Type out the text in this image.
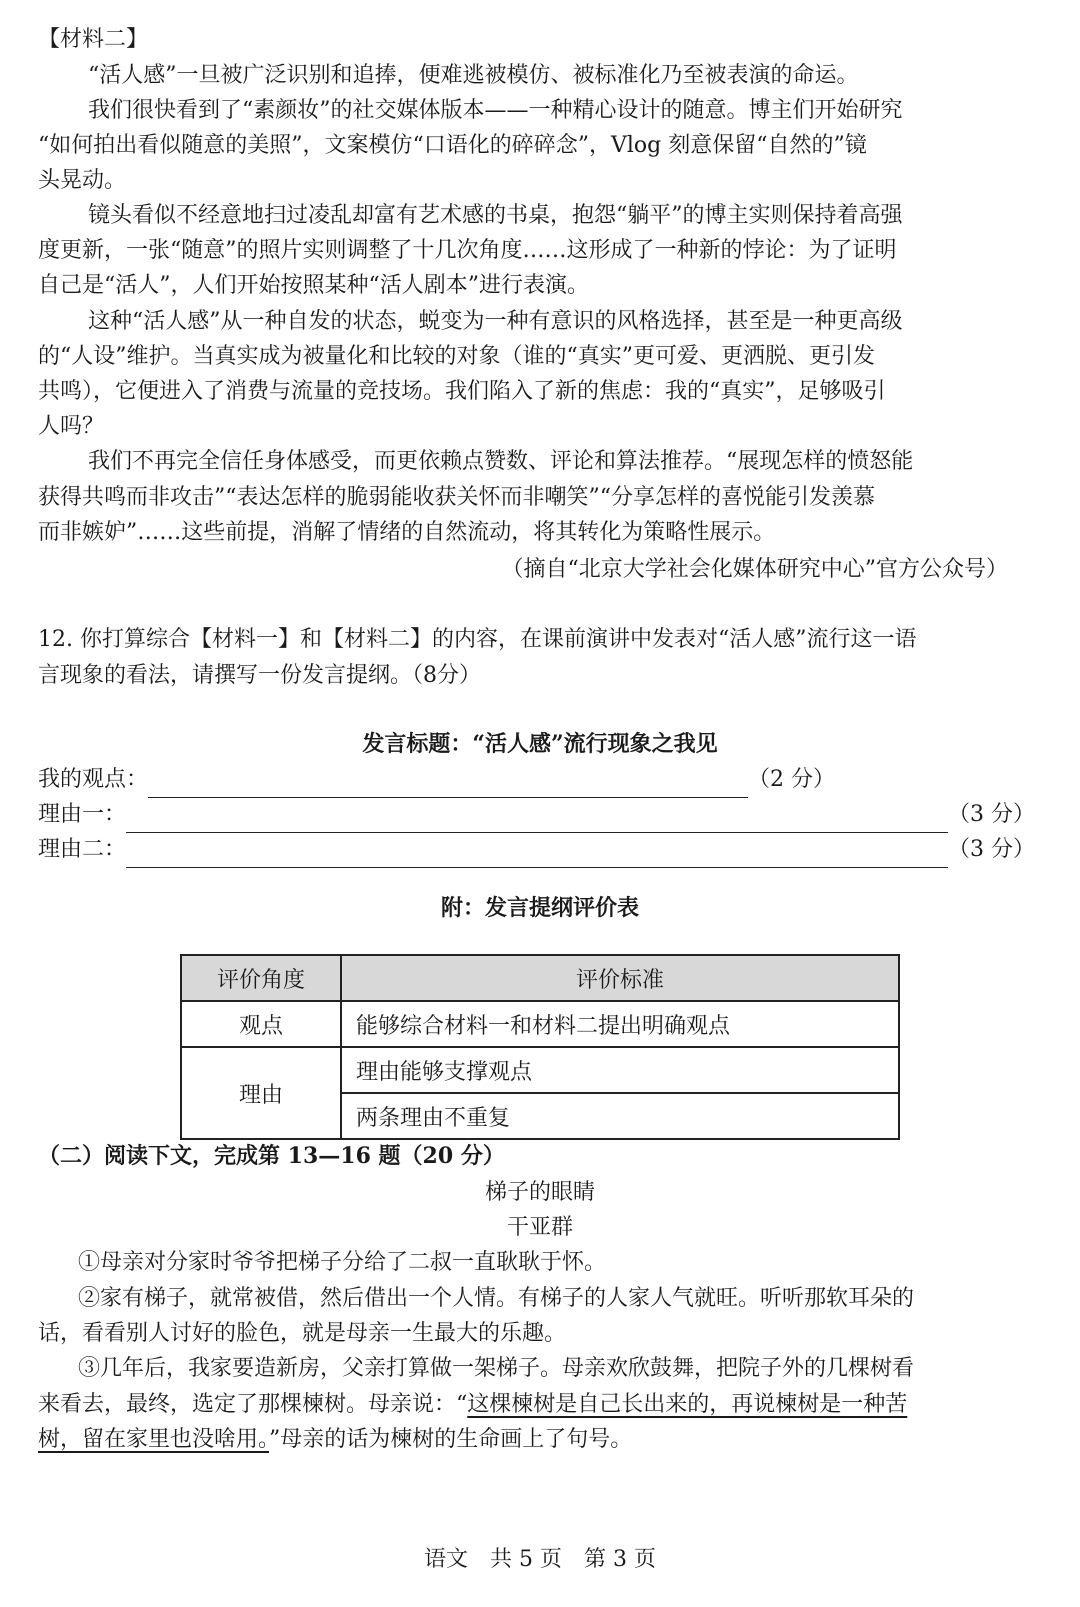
【材料二】
“活人感”一旦被广泛识别和追捧，便难逃被模仿、被标准化乃至被表演的命运。
我们很快看到了“素颜妆”的社交媒体版本——一种精心设计的随意。博主们开始研究
“如何拍出看似随意的美照”，文案模仿“口语化的碎碎念”，Vlog 刻意保留“自然的”镜
头晃动。
镜头看似不经意地扫过凌乱却富有艺术感的书桌，抱怨“躺平”的博主实则保持着高强
度更新，一张“随意”的照片实则调整了十几次角度……这形成了一种新的悖论：为了证明
自己是“活人”，人们开始按照某种“活人剧本”进行表演。
这种“活人感”从一种自发的状态，蜕变为一种有意识的风格选择，甚至是一种更高级
的“人设”维护。当真实成为被量化和比较的对象（谁的“真实”更可爱、更洒脱、更引发
共鸣），它便进入了消费与流量的竞技场。我们陷入了新的焦虑：我的“真实”，足够吸引
人吗？
我们不再完全信任身体感受，而更依赖点赞数、评论和算法推荐。“展现怎样的愤怒能
获得共鸣而非攻击”“表达怎样的脆弱能收获关怀而非嘲笑”“分享怎样的喜悦能引发羡慕
而非嫉妒”……这些前提，消解了情绪的自然流动，将其转化为策略性展示。
（摘自“北京大学社会化媒体研究中心”官方公众号）
12. 你打算综合【材料一】和【材料二】的内容，在课前演讲中发表对“活人感”流行这一语
言现象的看法，请撰写一份发言提纲。（8分）
发言标题：“活人感”流行现象之我见
我的观点：	（2 分）
理由一：	（3 分）
理由二：	（3 分）
附：发言提纲评价表
评价角度	评价标准
观点	能够综合材料一和材料二提出明确观点
理由	理由能够支撑观点
	两条理由不重复
（二）阅读下文，完成第 13—16 题（20 分）
梯子的眼睛
干亚群
①母亲对分家时爷爷把梯子分给了二叔一直耿耿于怀。
②家有梯子，就常被借，然后借出一个人情。有梯子的人家人气就旺。听听那软耳朵的
话，看看别人讨好的脸色，就是母亲一生最大的乐趣。
③几年后，我家要造新房，父亲打算做一架梯子。母亲欢欣鼓舞，把院子外的几棵树看
来看去，最终，选定了那棵楝树。母亲说：“这棵楝树是自己长出来的，再说楝树是一种苦
树，留在家里也没啥用。”母亲的话为楝树的生命画上了句号。
语文　共 5 页　第 3 页
